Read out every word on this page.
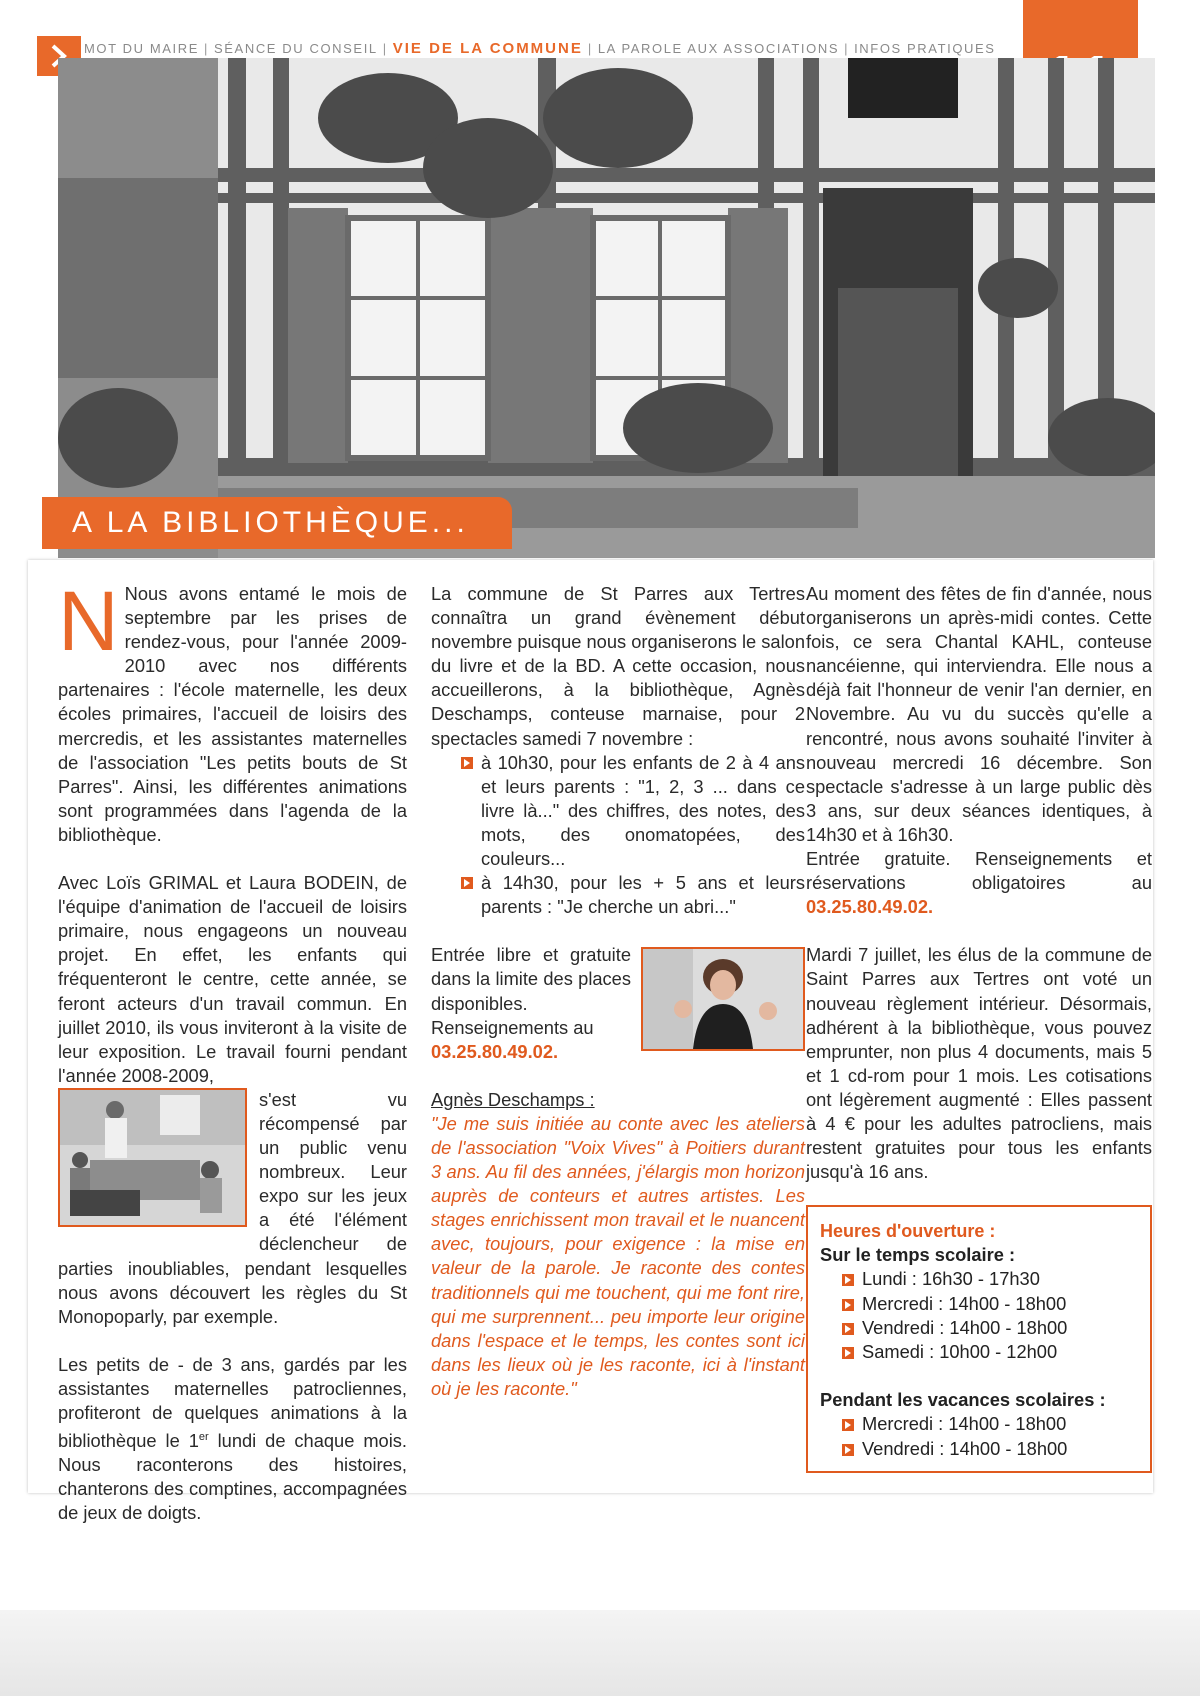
MOT DU MAIRE | SÉANCE DU CONSEIL | VIE DE LA COMMUNE | LA PAROLE AUX ASSOCIATIONS | INFOS PRATIQUES
A LA BIBLIOTHÈQUE...
N Nous avons entamé le mois de septembre par les prises de rendez-vous, pour l'année 2009-2010 avec nos différents partenaires : l'école maternelle, les deux écoles primaires, l'accueil de loisirs des mercredis, et les assistantes maternelles de l'association "Les petits bouts de St Parres". Ainsi, les différentes animations sont programmées dans l'agenda de la bibliothèque.

Avec Loïs GRIMAL et Laura BODEIN, de l'équipe d'animation de l'accueil de loisirs primaire, nous engageons un nouveau projet. En effet, les enfants qui fréquenteront le centre, cette année, se feront acteurs d'un travail commun. En juillet 2010, ils vous inviteront à la visite de leur exposition. Le travail fourni pendant l'année 2008-2009,

s'est vu récompensé par un public venu nombreux. Leur expo sur les jeux a été l'élément déclencheur de parties inoubliables, pendant lesquelles nous avons découvert les règles du St Monopoparly, par exemple.

Les petits de - de 3 ans, gardés par les assistantes maternelles patrocliennes, profiteront de quelques animations à la bibliothèque le 1er lundi de chaque mois. Nous raconterons des histoires, chanterons des comptines, accompagnées de jeux de doigts.

La commune de St Parres aux Tertres connaîtra un grand évènement début novembre puisque nous organiserons le salon du livre et de la BD. A cette occasion, nous accueillerons, à la bibliothèque, Agnès Deschamps, conteuse marnaise, pour 2 spectacles samedi 7 novembre :

à 10h30, pour les enfants de 2 à 4 ans et leurs parents : "1, 2, 3 ... dans ce livre là..." des chiffres, des notes, des mots, des onomatopées, des couleurs...
à 14h30, pour les + 5 ans et leurs parents : "Je cherche un abri..."

Entrée libre et gratuite dans la limite des places disponibles. Renseignements au

03.25.80.49.02.

Agnès Deschamps :

"Je me suis initiée au conte avec les ateliers de l'association "Voix Vives" à Poitiers durant 3 ans. Au fil des années, j'élargis mon horizon auprès de conteurs et autres artistes. Les stages enrichissent mon travail et le nuancent avec, toujours, pour exigence : la mise en valeur de la parole. Je raconte des contes traditionnels qui me touchent, qui me font rire, qui me surprennent... peu importe leur origine dans l'espace et le temps, les contes sont ici dans les lieux où je les raconte, ici à l'instant où je les raconte."

Au moment des fêtes de fin d'année, nous organiserons un après-midi contes. Cette fois, ce sera Chantal KAHL, conteuse nancéienne, qui interviendra. Elle nous a déjà fait l'honneur de venir l'an dernier, en Novembre. Au vu du succès qu'elle a rencontré, nous avons souhaité l'inviter à nouveau mercredi 16 décembre. Son spectacle s'adresse à un large public dès 3 ans, sur deux séances identiques, à 14h30 et à 16h30.

Entrée gratuite. Renseignements et réservations obligatoires au 03.25.80.49.02.

Mardi 7 juillet, les élus de la commune de Saint Parres aux Tertres ont voté un nouveau règlement intérieur. Désormais, adhérent à la bibliothèque, vous pouvez emprunter, non plus 4 documents, mais 5 et 1 cd-rom pour 1 mois. Les cotisations ont légèrement augmenté : Elles passent à 4 € pour les adultes patrocliens, mais restent gratuites pour tous les enfants jusqu'à 16 ans.

Heures d'ouverture :
Sur le temps scolaire :
Lundi : 16h30 - 17h30
Mercredi : 14h00 - 18h00
Vendredi : 14h00 - 18h00
Samedi : 10h00 - 12h00
Pendant les vacances scolaires :
Mercredi : 14h00 - 18h00
Vendredi : 14h00 - 18h00
